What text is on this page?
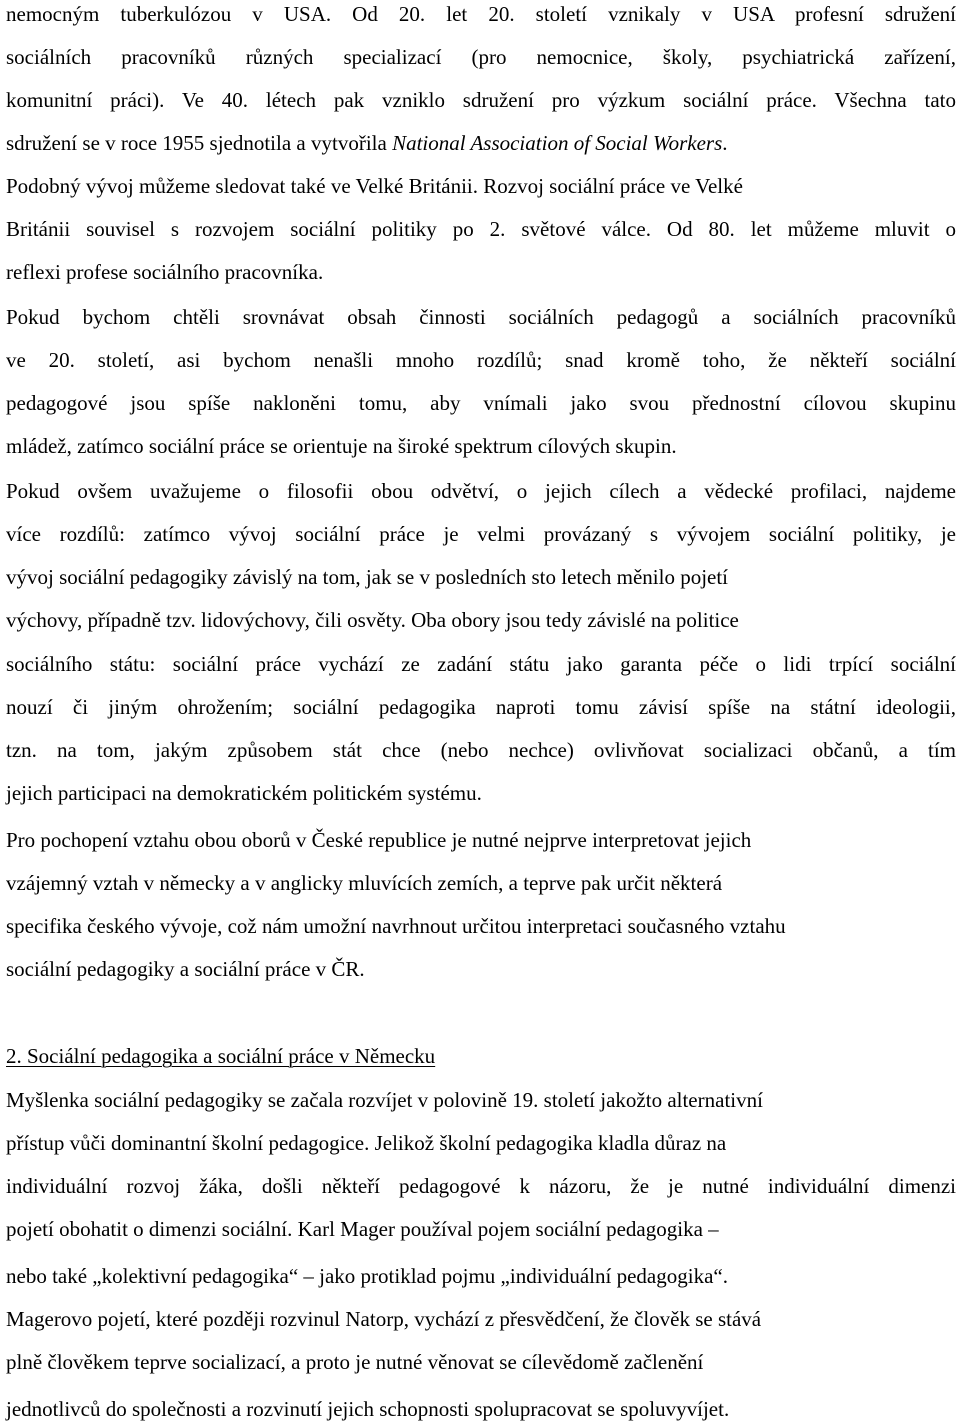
nemocným tuberkulózou v USA. Od 20. let 20. století vznikaly v USA profesní sdružení
sociálních pracovníků různých specializací (pro nemocnice, školy, psychiatrická zařízení,
komunitní práci). Ve 40. létech pak vzniklo sdružení pro výzkum sociální práce. Všechna tato
sdružení se v roce 1955 sjednotila a vytvořila National Association of Social Workers.
Podobný vývoj můžeme sledovat také ve Velké Británii. Rozvoj sociální práce ve Velké
Británii souvisel s rozvojem sociální politiky po 2. světové válce. Od 80. let můžeme mluvit o
reflexi profese sociálního pracovníka.
Pokud bychom chtěli srovnávat obsah činnosti sociálních pedagogů a sociálních pracovníků
ve 20. století, asi bychom nenašli mnoho rozdílů; snad kromě toho, že někteří sociální
pedagogové jsou spíše nakloněni tomu, aby vnímali jako svou přednostní cílovou skupinu
mládež, zatímco sociální práce se orientuje na široké spektrum cílových skupin.
Pokud ovšem uvažujeme o filosofii obou odvětví, o jejich cílech a vědecké profilaci, najdeme
více rozdílů: zatímco vývoj sociální práce je velmi provázaný s vývojem sociální politiky, je
vývoj sociální pedagogiky závislý na tom, jak se v posledních sto letech měnilo pojetí
výchovy, případně tzv. lidovýchovy, čili osvěty. Oba obory jsou tedy závislé na politice
sociálního státu: sociální práce vychází ze zadání státu jako garanta péče o lidi trpící sociální
nouzí či jiným ohrožením; sociální pedagogika naproti tomu závisí spíše na státní ideologii,
tzn. na tom, jakým způsobem stát chce (nebo nechce) ovlivňovat socializaci občanů, a tím
jejich participaci na demokratickém politickém systému.
Pro pochopení vztahu obou oborů v České republice je nutné nejprve interpretovat jejich
vzájemný vztah v německy a v anglicky mluvících zemích, a teprve pak určit některá
specifika českého vývoje, což nám umožní navrhnout určitou interpretaci současného vztahu
sociální pedagogiky a sociální práce v ČR.
2. Sociální pedagogika a sociální práce v Německu
Myšlenka sociální pedagogiky se začala rozvíjet v polovině 19. století jakožto alternativní
přístup vůči dominantní školní pedagogice. Jelikož školní pedagogika kladla důraz na
individuální rozvoj žáka, došli někteří pedagogové k názoru, že je nutné individuální dimenzi
pojetí obohatit o dimenzi sociální. Karl Mager používal pojem sociální pedagogika –
nebo také „kolektivní pedagogika“ – jako protiklad pojmu „individuální pedagogika“.
Magerovo pojetí, které později rozvinul Natorp, vychází z přesvědčení, že člověk se stává
plně člověkem teprve socializací, a proto je nutné věnovat se cílevědomě začlenění
jednotlivců do společnosti a rozvinutí jejich schopnosti spolupracovat se spoluvyvíjet.
